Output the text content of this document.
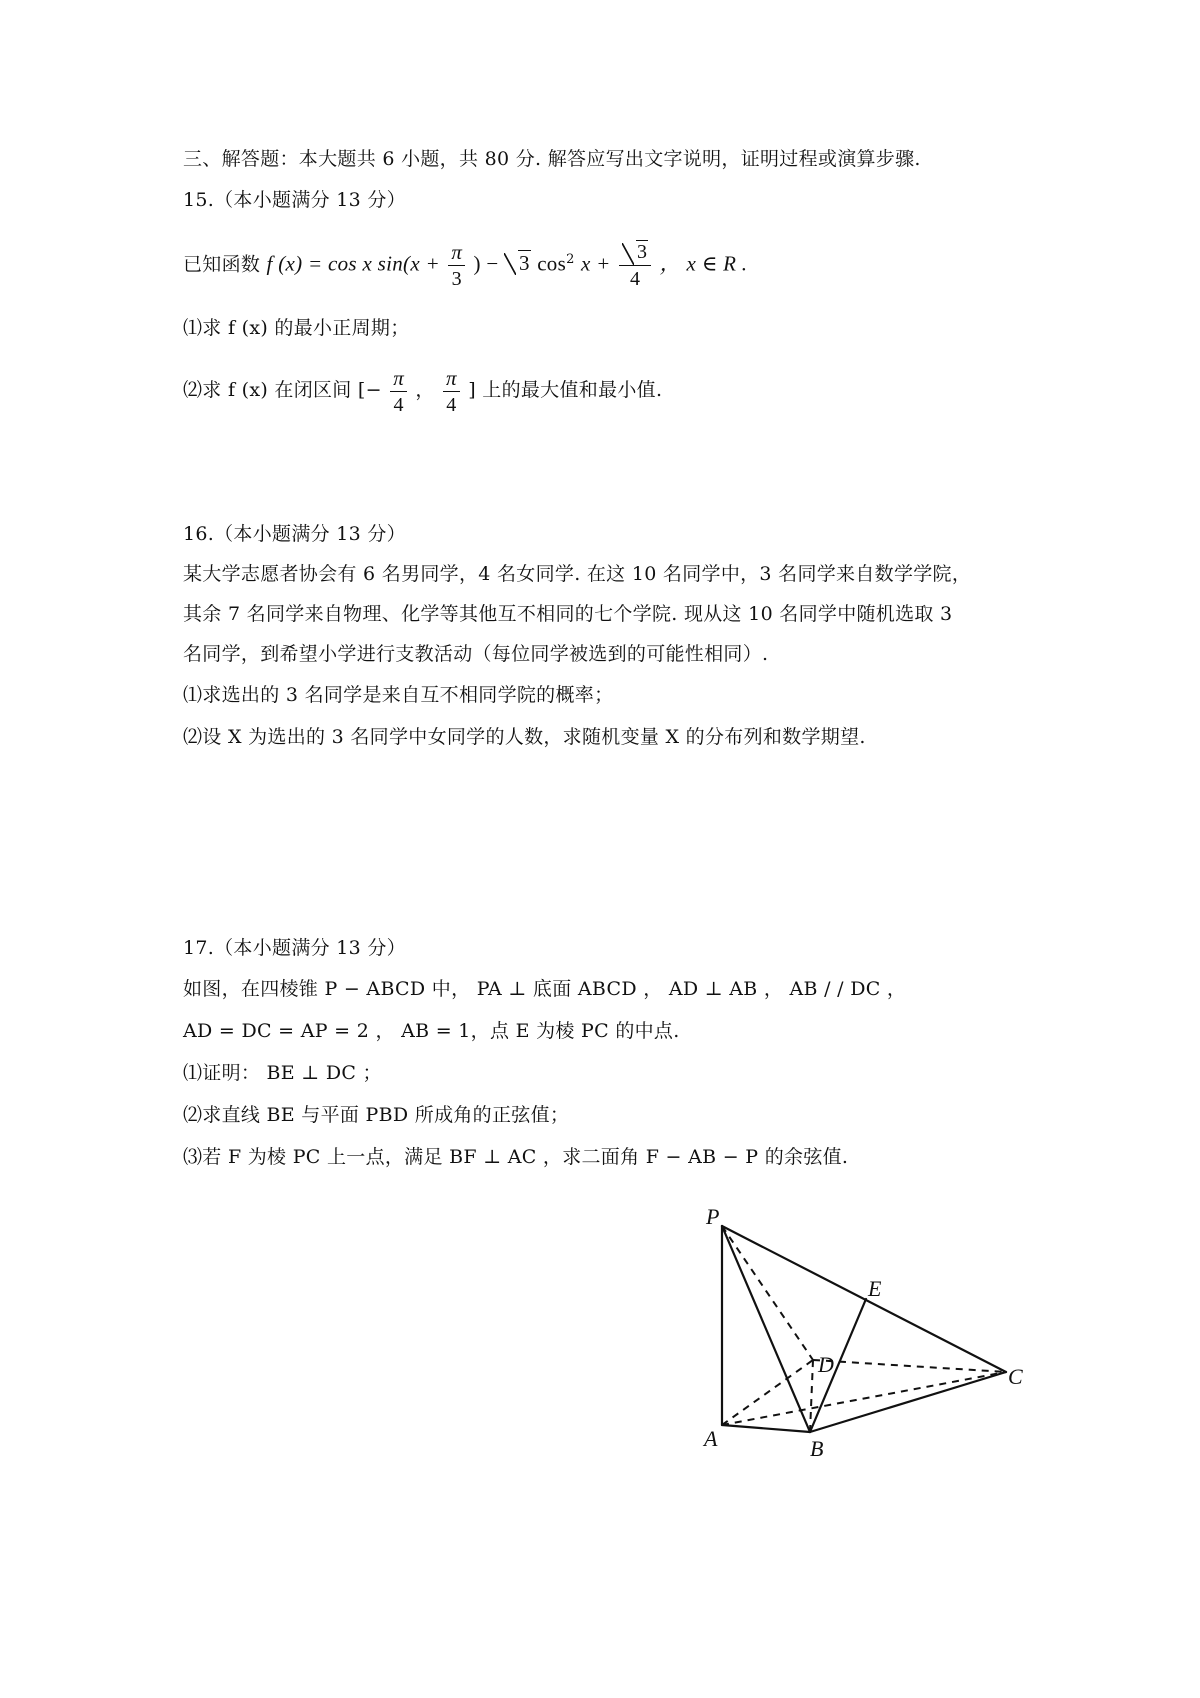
三、解答题：本大题共 6 小题，共 80 分. 解答应写出文字说明，证明过程或演算步骤.
15.（本小题满分 13 分）
已知函数 f (x) = cos x $\sin(x + \frac{\pi}{3}$ ) − 3 $\cos^2 x + \frac{3}{4}$ ， x ∈ R .
⑴求 f (x) 的最小正周期；
⑵求 f (x) 在闭区间 [− $\frac{\pi}{4}$ ， $\frac{\pi}{4}$ ] 上的最大值和最小值.
16.（本小题满分 13 分）
某大学志愿者协会有 6 名男同学，4 名女同学. 在这 10 名同学中，3 名同学来自数学学院，
其余 7 名同学来自物理、化学等其他互不相同的七个学院. 现从这 10 名同学中随机选取 3
名同学，到希望小学进行支教活动（每位同学被选到的可能性相同）.
⑴求选出的 3 名同学是来自互不相同学院的概率；
⑵设 X 为选出的 3 名同学中女同学的人数，求随机变量 X 的分布列和数学期望.
17.（本小题满分 13 分）
如图，在四棱锥 P − ABCD 中， PA ⊥ 底面 ABCD ， AD ⊥ AB ， AB / / DC ，
AD = DC = AP = 2 ， AB = 1，点 E 为棱 PC 的中点.
⑴证明： BE ⊥ DC ；
⑵求直线 BE 与平面 PBD 所成角的正弦值；
⑶若 F 为棱 PC 上一点，满足 BF ⊥ AC ，求二面角 F − AB − P 的余弦值.
P
E
D	C
A	B
